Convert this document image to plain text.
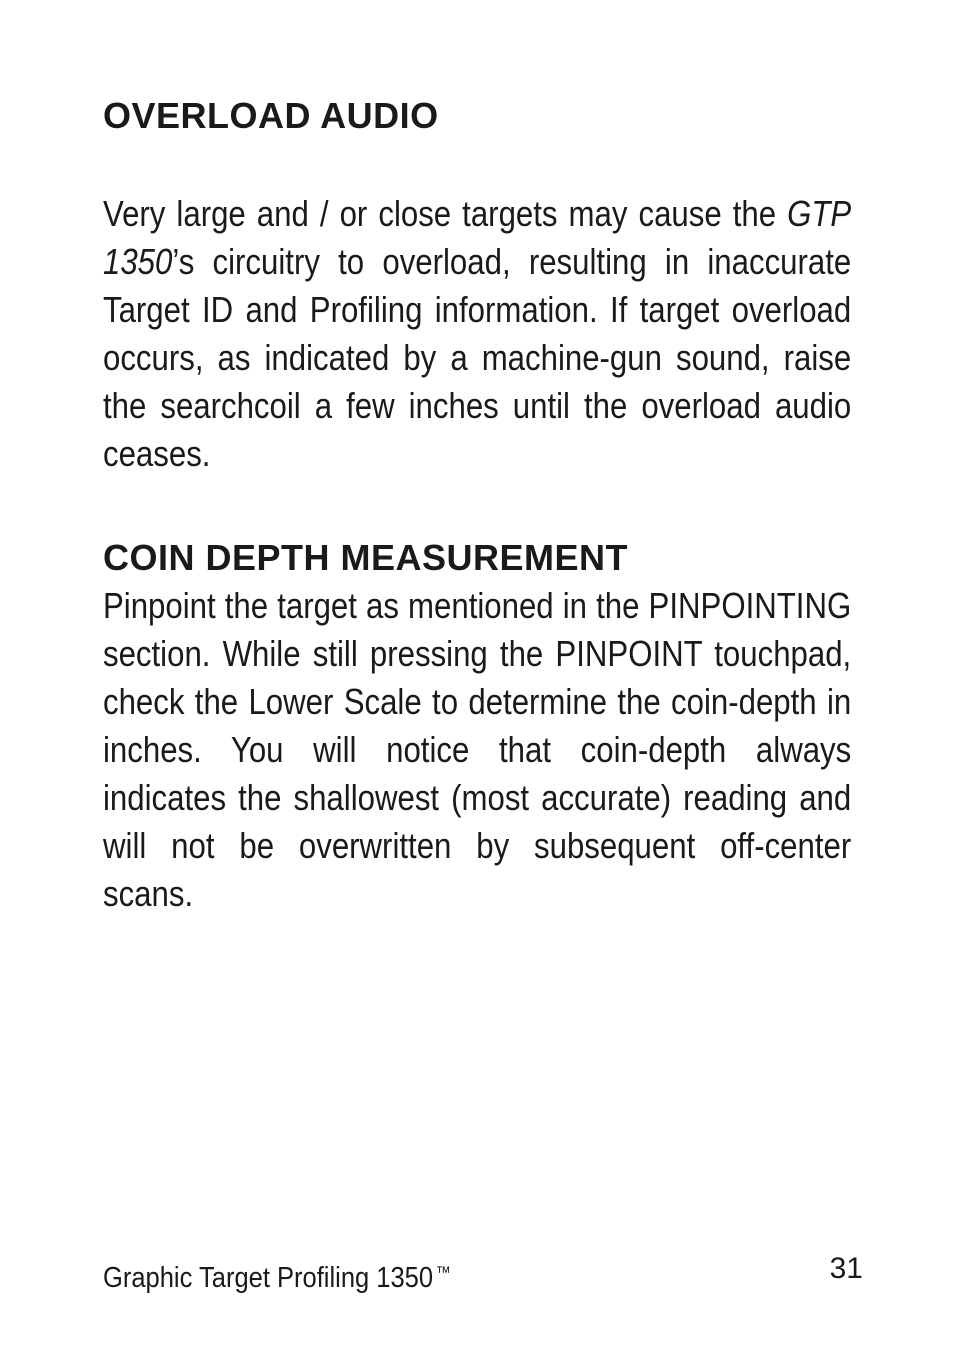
OVERLOAD AUDIO

Very large and / or close targets may cause the GTP 1350’s circuitry to overload, resulting in inaccurate Target ID and Profiling information. If target overload occurs, as indicated by a machine-gun sound, raise the searchcoil a few inches until the overload audio ceases.

COIN DEPTH MEASUREMENT

Pinpoint the target as mentioned in the PINPOINTING section. While still pressing the PINPOINT touchpad, check the Lower Scale to determine the coin-depth in inches. You will notice that coin-depth always indicates the shallowest (most accurate) reading and will not be overwritten by subsequent off-center scans.

Graphic Target Profiling 1350 ™	31
